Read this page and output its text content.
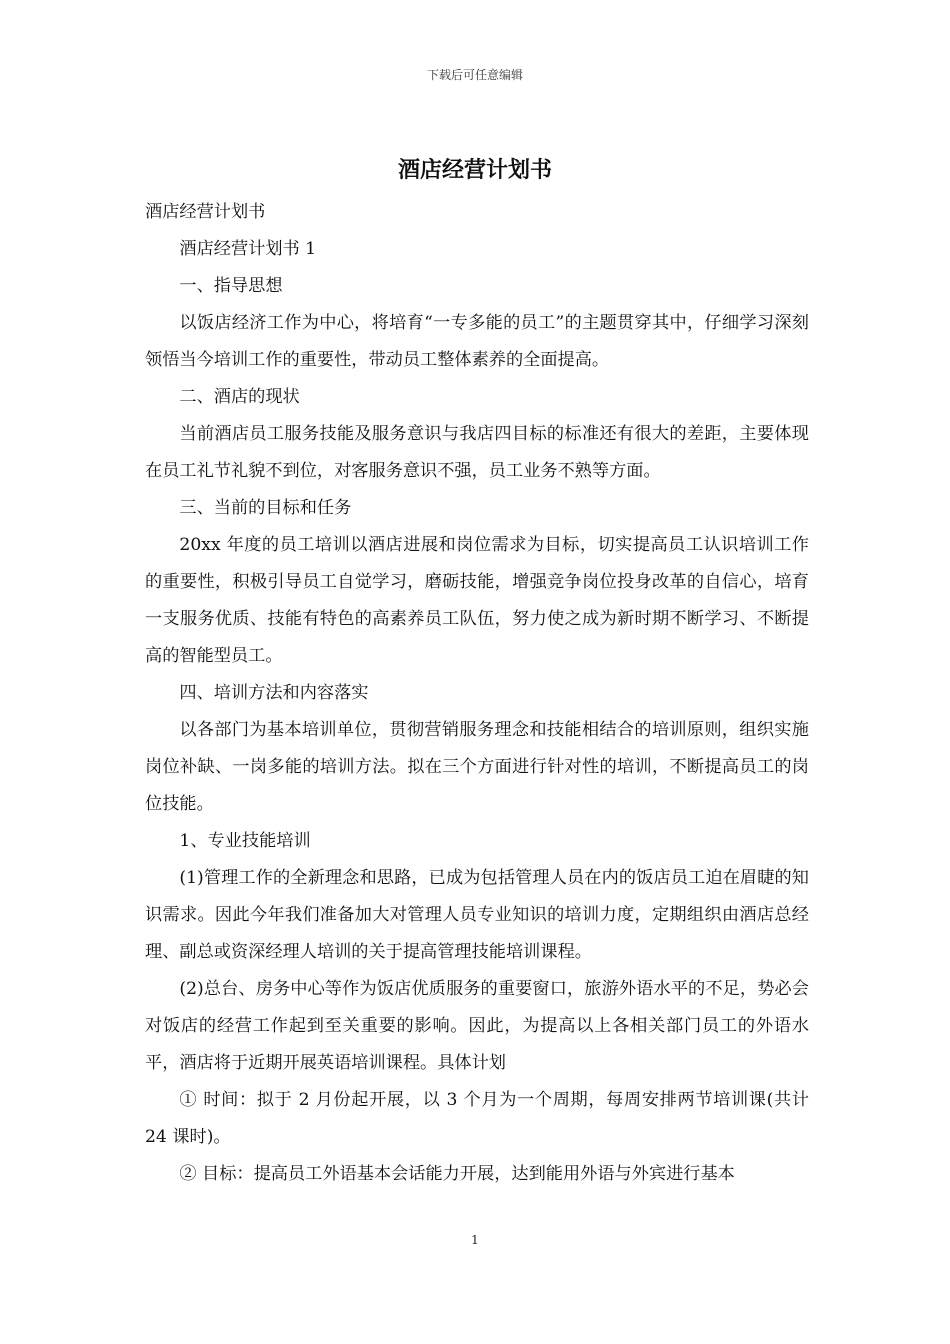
下载后可任意编辑
酒店经营计划书

酒店经营计划书

酒店经营计划书 1

一、指导思想

以饭店经济工作为中心，将培育“一专多能的员工”的主题贯穿其中，仔细学习深刻领悟当今培训工作的重要性，带动员工整体素养的全面提高。

二、酒店的现状

当前酒店员工服务技能及服务意识与我店四目标的标准还有很大的差距，主要体现在员工礼节礼貌不到位，对客服务意识不强，员工业务不熟等方面。

三、当前的目标和任务

20xx 年度的员工培训以酒店进展和岗位需求为目标，切实提高员工认识培训工作的重要性，积极引导员工自觉学习，磨砺技能，增强竞争岗位投身改革的自信心，培育一支服务优质、技能有特色的高素养员工队伍，努力使之成为新时期不断学习、不断提高的智能型员工。

四、培训方法和内容落实

以各部门为基本培训单位，贯彻营销服务理念和技能相结合的培训原则，组织实施岗位补缺、一岗多能的培训方法。拟在三个方面进行针对性的培训，不断提高员工的岗位技能。

1、专业技能培训

(1)管理工作的全新理念和思路，已成为包括管理人员在内的饭店员工迫在眉睫的知识需求。因此今年我们准备加大对管理人员专业知识的培训力度，定期组织由酒店总经理、副总或资深经理人培训的关于提高管理技能培训课程。

(2)总台、房务中心等作为饭店优质服务的重要窗口，旅游外语水平的不足，势必会对饭店的经营工作起到至关重要的影响。因此，为提高以上各相关部门员工的外语水平，酒店将于近期开展英语培训课程。具体计划

① 时间：拟于 2 月份起开展，以 3 个月为一个周期，每周安排两节培训课(共计 24 课时)。

② 目标：提高员工外语基本会话能力开展，达到能用外语与外宾进行基本

1
